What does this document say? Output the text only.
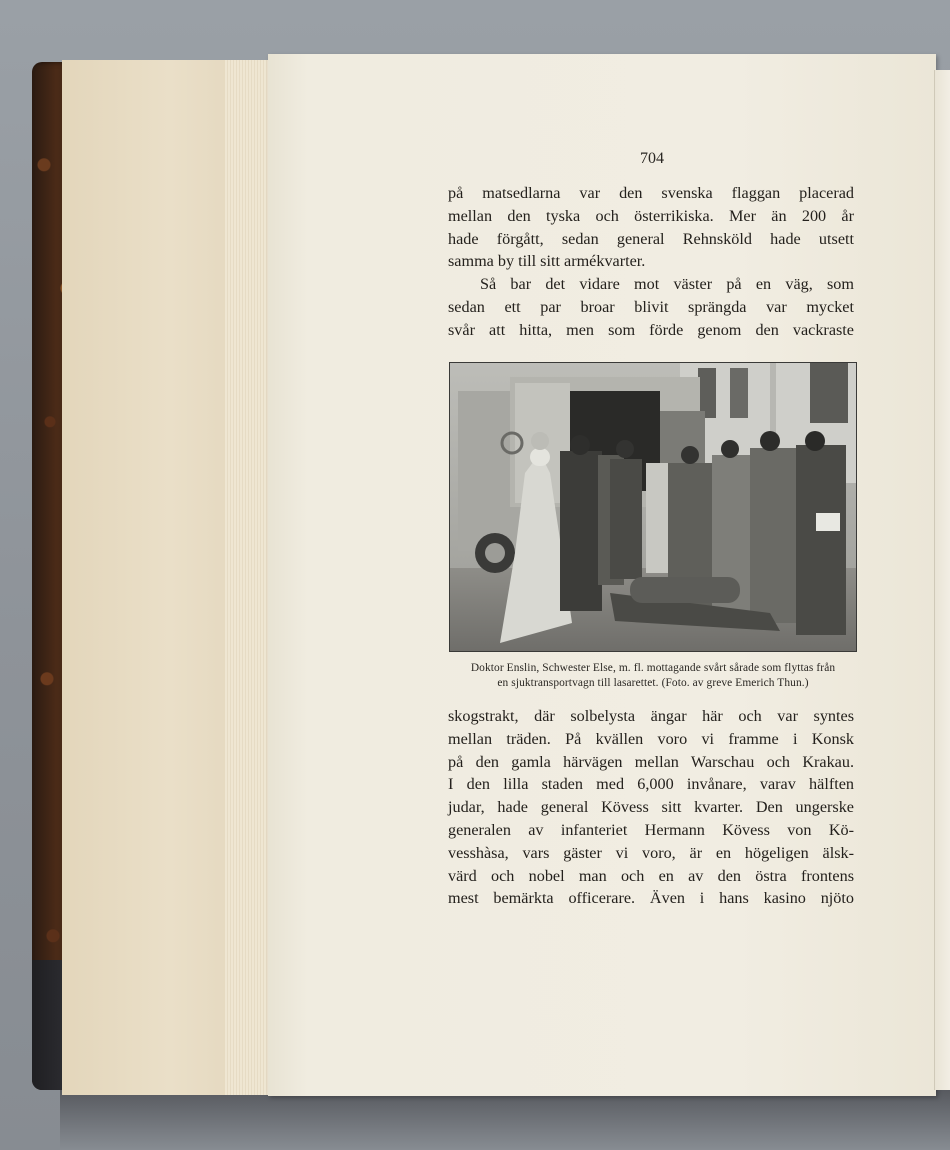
704
på matsedlarna var den svenska flaggan placerad
mellan den tyska och österrikiska. Mer än 200 år
hade förgått, sedan general Rehnsköld hade utsett
samma by till sitt armékvarter.
Så bar det vidare mot väster på en väg, som
sedan ett par broar blivit sprängda var mycket
svår att hitta, men som förde genom den vackraste
Doktor Enslin, Schwester Else, m. fl. mottagande svårt sårade som flyttas från
en sjuktransportvagn till lasarettet. (Foto. av greve Emerich Thun.)
skogstrakt, där solbelysta ängar här och var syntes
mellan träden. På kvällen voro vi framme i Konsk
på den gamla härvägen mellan Warschau och Krakau.
I den lilla staden med 6,000 invånare, varav hälften
judar, hade general Kövess sitt kvarter. Den ungerske
generalen av infanteriet Hermann Kövess von Kö-
vesshàsa, vars gäster vi voro, är en högeligen älsk-
värd och nobel man och en av den östra frontens
mest bemärkta officerare. Även i hans kasino njöto
